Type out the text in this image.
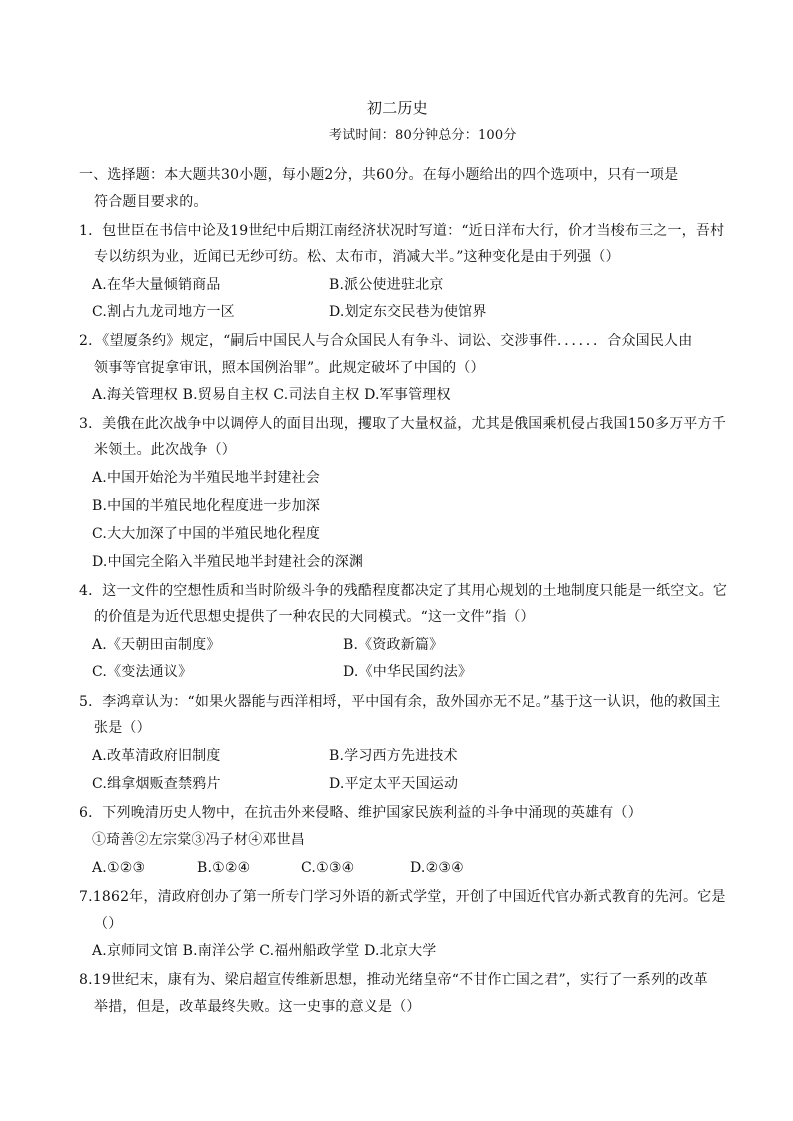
初二历史
考试时间：80分钟总分：100分
一、选择题：本大题共30小题，每小题2分，共60分。在每小题给出的四个选项中，只有一项是
符合题目要求的。
1．包世臣在书信中论及19世纪中后期江南经济状况时写道：“近日洋布大行，价才当梭布三之一，吾村
专以纺织为业，近闻已无纱可纺。松、太布市，消减大半。”这种变化是由于列强（）
A.在华大量倾销商品	B.派公使进驻北京
C.割占九龙司地方一区	D.划定东交民巷为使馆界
2．《望厦条约》规定，“嗣后中国民人与合众国民人有争斗、词讼、交涉事件．．．．．．合众国民人由
领事等官捉拿审讯，照本国例治罪”。此规定破坏了中国的（）
A.海关管理权 B.贸易自主权 C.司法自主权 D.军事管理权
3．美俄在此次战争中以调停人的面目出现，攫取了大量权益，尤其是俄国乘机侵占我国150多万平方千
米领土。此次战争（）
A.中国开始沦为半殖民地半封建社会
B.中国的半殖民地化程度进一步加深
C.大大加深了中国的半殖民地化程度
D.中国完全陷入半殖民地半封建社会的深渊
4．这一文件的空想性质和当时阶级斗争的残酷程度都决定了其用心规划的土地制度只能是一纸空文。它
的价值是为近代思想史提供了一种农民的大同模式。“这一文件”指（）
A.《天朝田亩制度》	B.《资政新篇》
C.《变法通议》	D.《中华民国约法》
5．李鸿章认为：“如果火器能与西洋相埒，平中国有余，敌外国亦无不足。”基于这一认识，他的救国主
张是（）
A.改革清政府旧制度	B.学习西方先进技术
C.缉拿烟贩查禁鸦片	D.平定太平天国运动
6．下列晚清历史人物中，在抗击外来侵略、维护国家民族利益的斗争中涌现的英雄有（）
①琦善②左宗棠③冯子材④邓世昌
A.①②③	B.①②④	C.①③④	D.②③④
7.1862年，清政府创办了第一所专门学习外语的新式学堂，开创了中国近代官办新式教育的先河。它是
（）
A.京师同文馆 B.南洋公学 C.福州船政学堂 D.北京大学
8.19世纪末，康有为、梁启超宣传维新思想，推动光绪皇帝“不甘作亡国之君”，实行了一系列的改革
举措，但是，改革最终失败。这一史事的意义是（）
